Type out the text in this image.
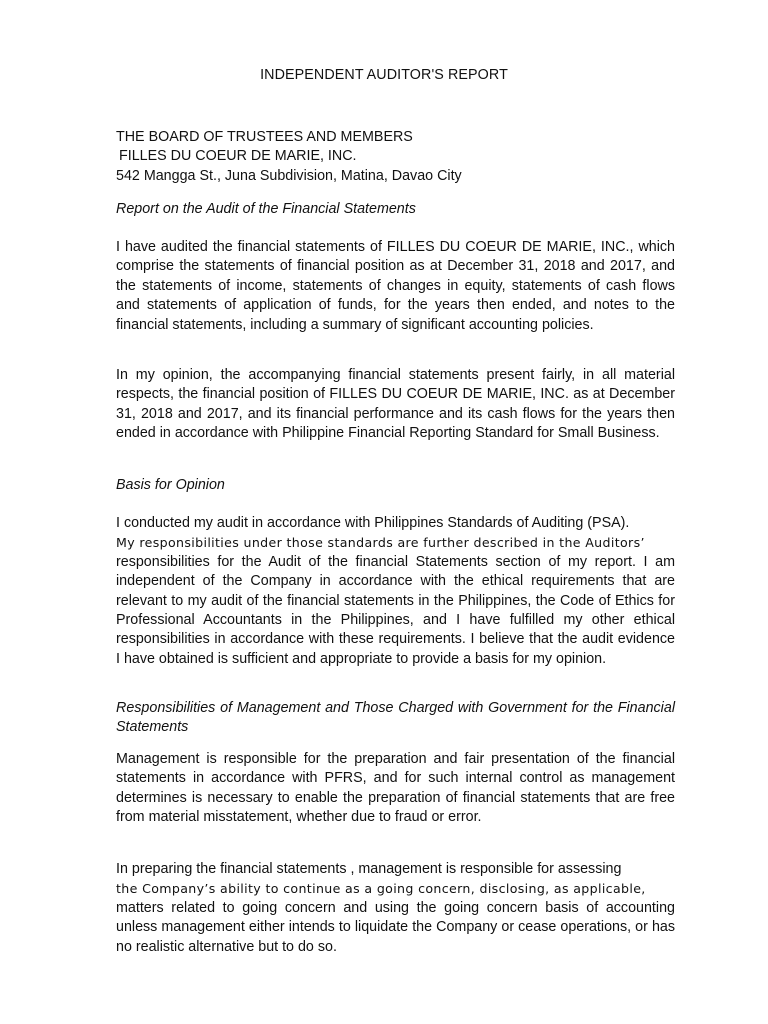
INDEPENDENT AUDITOR'S REPORT
THE BOARD OF TRUSTEES AND MEMBERS
FILLES DU COEUR DE MARIE, INC.
542 Mangga St., Juna Subdivision, Matina, Davao City

Report on the Audit of the Financial Statements

I have audited the financial statements of FILLES DU COEUR DE MARIE, INC., which comprise the statements of financial position as at December 31, 2018 and 2017, and the statements of income, statements of changes in equity, statements of cash flows and statements of application of funds, for the years then ended, and notes to the financial statements, including a summary of significant accounting policies.

In my opinion, the accompanying financial statements present fairly, in all material respects, the financial position of FILLES DU COEUR DE MARIE, INC. as at December 31, 2018 and 2017, and its financial performance and its cash flows for the years then ended in accordance with Philippine Financial Reporting Standard for Small Business.

Basis for Opinion

I conducted my audit in accordance with Philippines Standards of Auditing (PSA).

My responsibilities under those standards are further described in the Auditors’

responsibilities for the Audit of the financial Statements section of my report. I am independent of the Company in accordance with the ethical requirements that are relevant to my audit of the financial statements in the Philippines, the Code of Ethics for Professional Accountants in the Philippines, and I have fulfilled my other ethical responsibilities in accordance with these requirements. I believe that the audit evidence I have obtained is sufficient and appropriate to provide a basis for my opinion.

Responsibilities of Management and Those Charged with Government for the Financial Statements

Management is responsible for the preparation and fair presentation of the financial statements in accordance with PFRS, and for such internal control as management determines is necessary to enable the preparation of financial statements that are free from material misstatement, whether due to fraud or error.

In preparing the financial statements , management is responsible for assessing

the Company’s ability to continue as a going concern, disclosing, as applicable,

matters related to going concern and using the going concern basis of accounting unless management either intends to liquidate the Company or cease operations, or has no realistic alternative but to do so.
